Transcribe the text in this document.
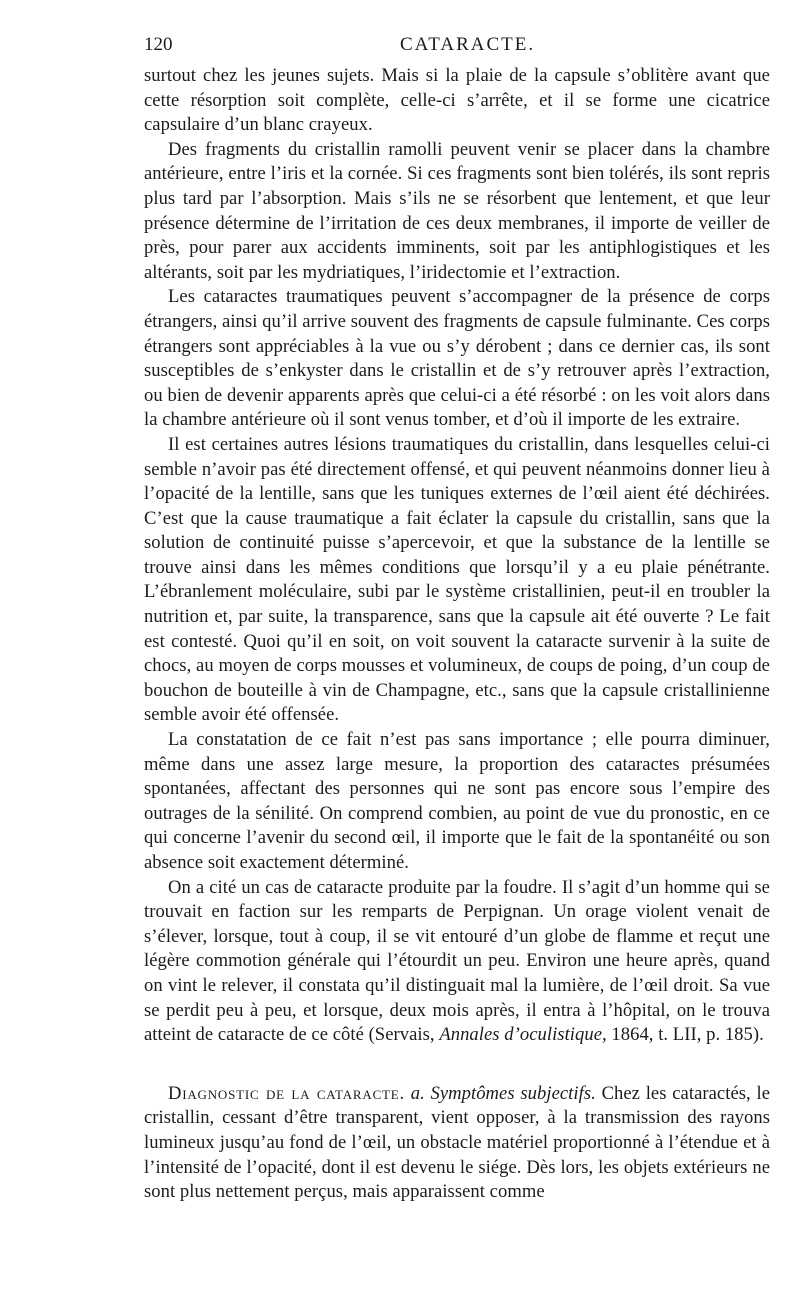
120	CATARACTE.

surtout chez les jeunes sujets. Mais si la plaie de la capsule s’oblitère avant que cette résorption soit complète, celle-ci s’arrête, et il se forme une cicatrice capsulaire d’un blanc crayeux.

Des fragments du cristallin ramolli peuvent venir se placer dans la chambre antérieure, entre l’iris et la cornée. Si ces fragments sont bien tolérés, ils sont repris plus tard par l’absorption. Mais s’ils ne se résorbent que lentement, et que leur présence détermine de l’irritation de ces deux membranes, il importe de veiller de près, pour parer aux accidents imminents, soit par les antiphlogistiques et les altérants, soit par les mydriatiques, l’iridectomie et l’extraction.

Les cataractes traumatiques peuvent s’accompagner de la présence de corps étrangers, ainsi qu’il arrive souvent des fragments de capsule fulminante. Ces corps étrangers sont appréciables à la vue ou s’y dérobent ; dans ce dernier cas, ils sont susceptibles de s’enkyster dans le cristallin et de s’y retrouver après l’extraction, ou bien de devenir apparents après que celui-ci a été résorbé : on les voit alors dans la chambre antérieure où il sont venus tomber, et d’où il importe de les extraire.

Il est certaines autres lésions traumatiques du cristallin, dans lesquelles celui-ci semble n’avoir pas été directement offensé, et qui peuvent néanmoins donner lieu à l’opacité de la lentille, sans que les tuniques externes de l’œil aient été déchirées. C’est que la cause traumatique a fait éclater la capsule du cristallin, sans que la solution de continuité puisse s’apercevoir, et que la substance de la lentille se trouve ainsi dans les mêmes conditions que lorsqu’il y a eu plaie pénétrante. L’ébranlement moléculaire, subi par le système cristallinien, peut-il en troubler la nutrition et, par suite, la transparence, sans que la capsule ait été ouverte ? Le fait est contesté. Quoi qu’il en soit, on voit souvent la cataracte survenir à la suite de chocs, au moyen de corps mousses et volumineux, de coups de poing, d’un coup de bouchon de bouteille à vin de Champagne, etc., sans que la capsule cristallinienne semble avoir été offensée.

La constatation de ce fait n’est pas sans importance ; elle pourra diminuer, même dans une assez large mesure, la proportion des cataractes présumées spontanées, affectant des personnes qui ne sont pas encore sous l’empire des outrages de la sénilité. On comprend combien, au point de vue du pronostic, en ce qui concerne l’avenir du second œil, il importe que le fait de la spontanéité ou son absence soit exactement déterminé.

On a cité un cas de cataracte produite par la foudre. Il s’agit d’un homme qui se trouvait en faction sur les remparts de Perpignan. Un orage violent venait de s’élever, lorsque, tout à coup, il se vit entouré d’un globe de flamme et reçut une légère commotion générale qui l’étourdit un peu. Environ une heure après, quand on vint le relever, il constata qu’il distinguait mal la lumière, de l’œil droit. Sa vue se perdit peu à peu, et lorsque, deux mois après, il entra à l’hôpital, on le trouva atteint de cataracte de ce côté (Servais, Annales d’oculistique, 1864, t. LII, p. 185).

Diagnostic de la cataracte. a. Symptômes subjectifs. Chez les cataractés, le cristallin, cessant d’être transparent, vient opposer, à la transmission des rayons lumineux jusqu’au fond de l’œil, un obstacle matériel proportionné à l’étendue et à l’intensité de l’opacité, dont il est devenu le siége. Dès lors, les objets extérieurs ne sont plus nettement perçus, mais apparaissent comme
